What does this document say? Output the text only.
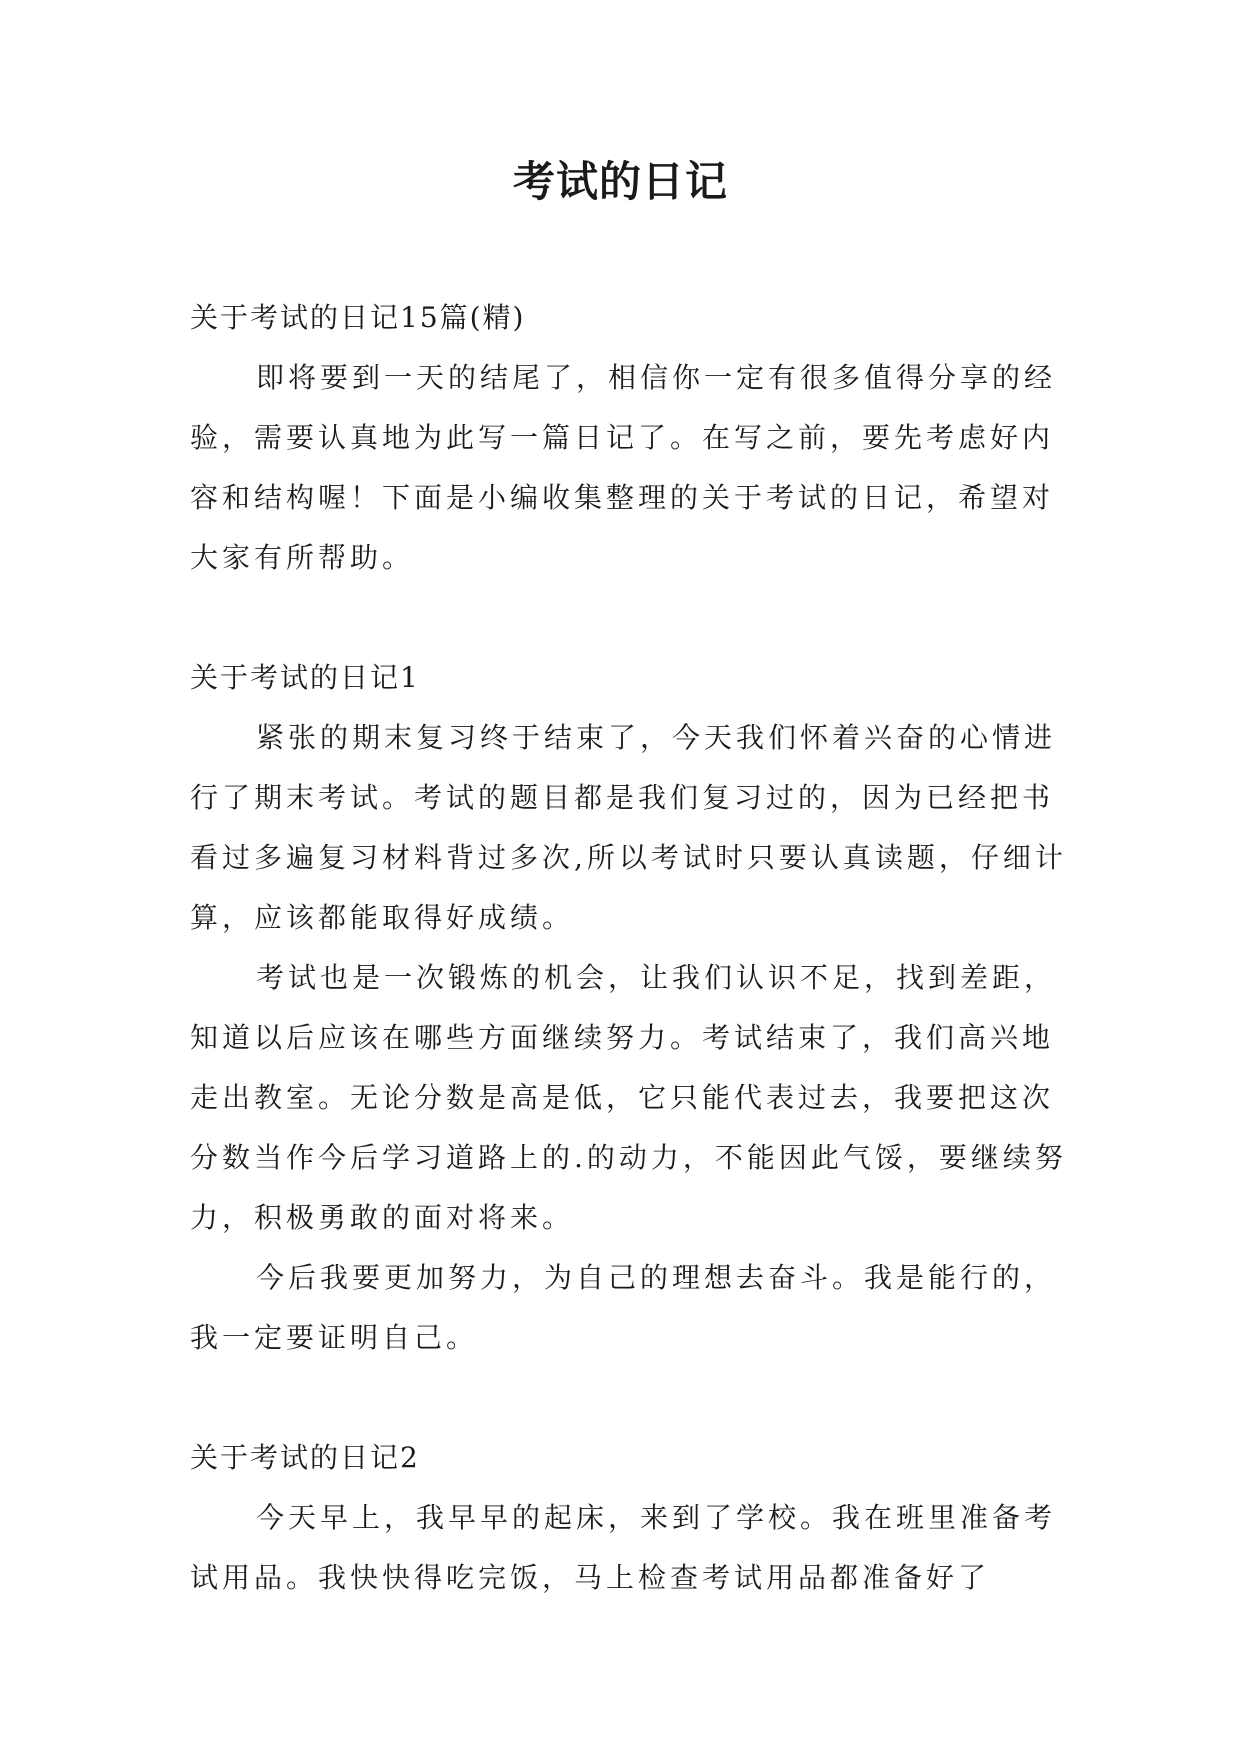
考试的日记

关于考试的日记15篇(精)

即将要到一天的结尾了，相信你一定有很多值得分享的经验，需要认真地为此写一篇日记了。在写之前，要先考虑好内容和结构喔！下面是小编收集整理的关于考试的日记，希望对大家有所帮助。

关于考试的日记1

紧张的期末复习终于结束了，今天我们怀着兴奋的心情进行了期末考试。考试的题目都是我们复习过的，因为已经把书看过多遍复习材料背过多次,所以考试时只要认真读题，仔细计算，应该都能取得好成绩。

考试也是一次锻炼的机会，让我们认识不足，找到差距，知道以后应该在哪些方面继续努力。考试结束了，我们高兴地走出教室。无论分数是高是低，它只能代表过去，我要把这次分数当作今后学习道路上的.的动力，不能因此气馁，要继续努力，积极勇敢的面对将来。

今后我要更加努力，为自己的理想去奋斗。我是能行的，我一定要证明自己。

关于考试的日记2

今天早上，我早早的起床，来到了学校。我在班里准备考试用品。我快快得吃完饭，马上检查考试用品都准备好了
